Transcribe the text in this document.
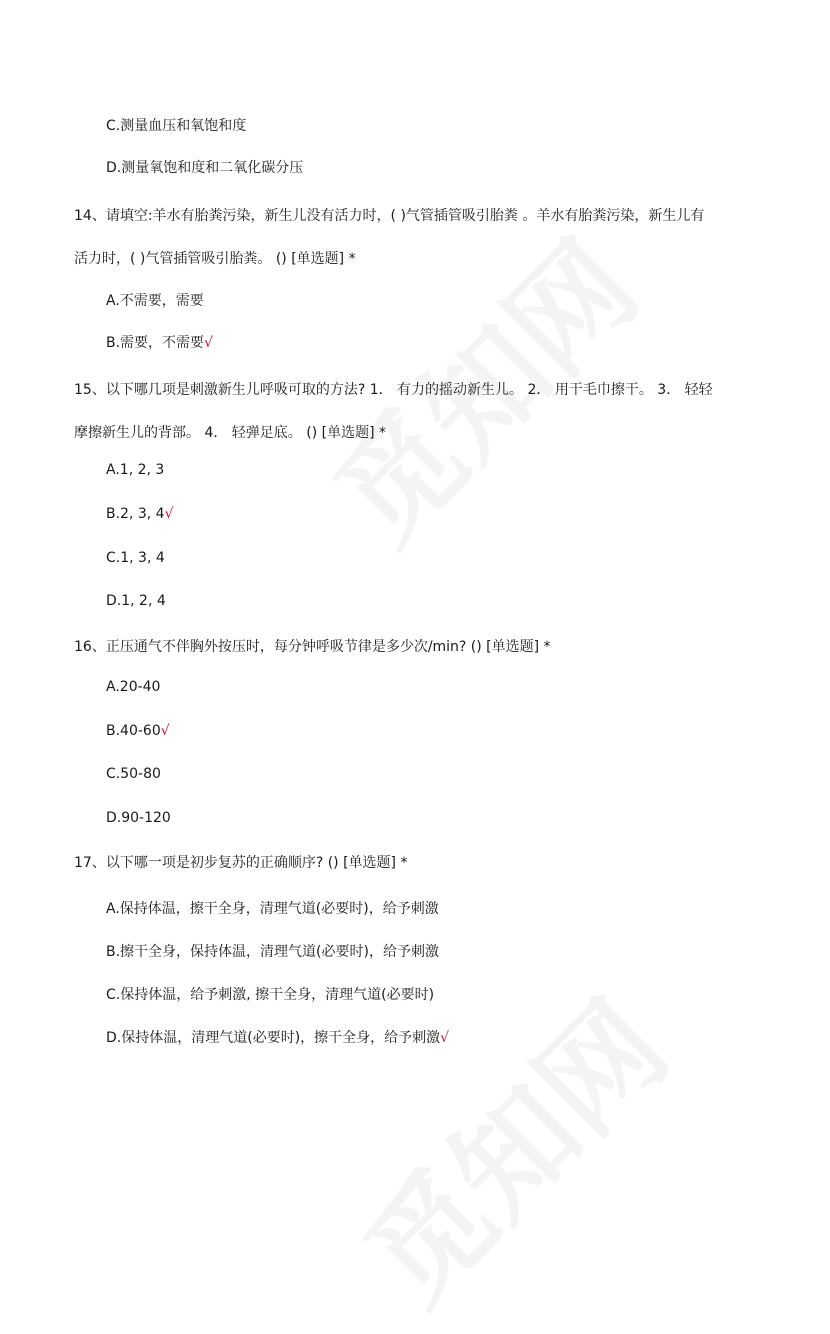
C.测量血压和氧饱和度
D.测量氧饱和度和二氧化碳分压
14、请填空:羊水有胎粪污染，新生儿没有活力时，( )气管插管吸引胎粪 。羊水有胎粪污染，新生儿有
活力时，( )气管插管吸引胎粪。 () [单选题] *
A.不需要，需要
B.需要，不需要√
15、以下哪几项是刺激新生儿呼吸可取的方法? 1． 有力的摇动新生儿。 2． 用干毛巾擦干。 3． 轻轻
摩擦新生儿的背部。 4． 轻弹足底。 () [单选题] *
A.1, 2, 3
B.2, 3, 4√
C.1, 3, 4
D.1, 2, 4
16、正压通气不伴胸外按压时，每分钟呼吸节律是多少次/min? () [单选题] *
A.20-40
B.40-60√
C.50-80
D.90-120
17、以下哪一项是初步复苏的正确顺序? () [单选题] *
A.保持体温，擦干全身，清理气道(必要时)，给予刺激
B.擦干全身，保持体温，清理气道(必要时)，给予刺激
C.保持体温，给予刺激, 擦干全身，清理气道(必要时)
D.保持体温，清理气道(必要时)，擦干全身，给予刺激√
